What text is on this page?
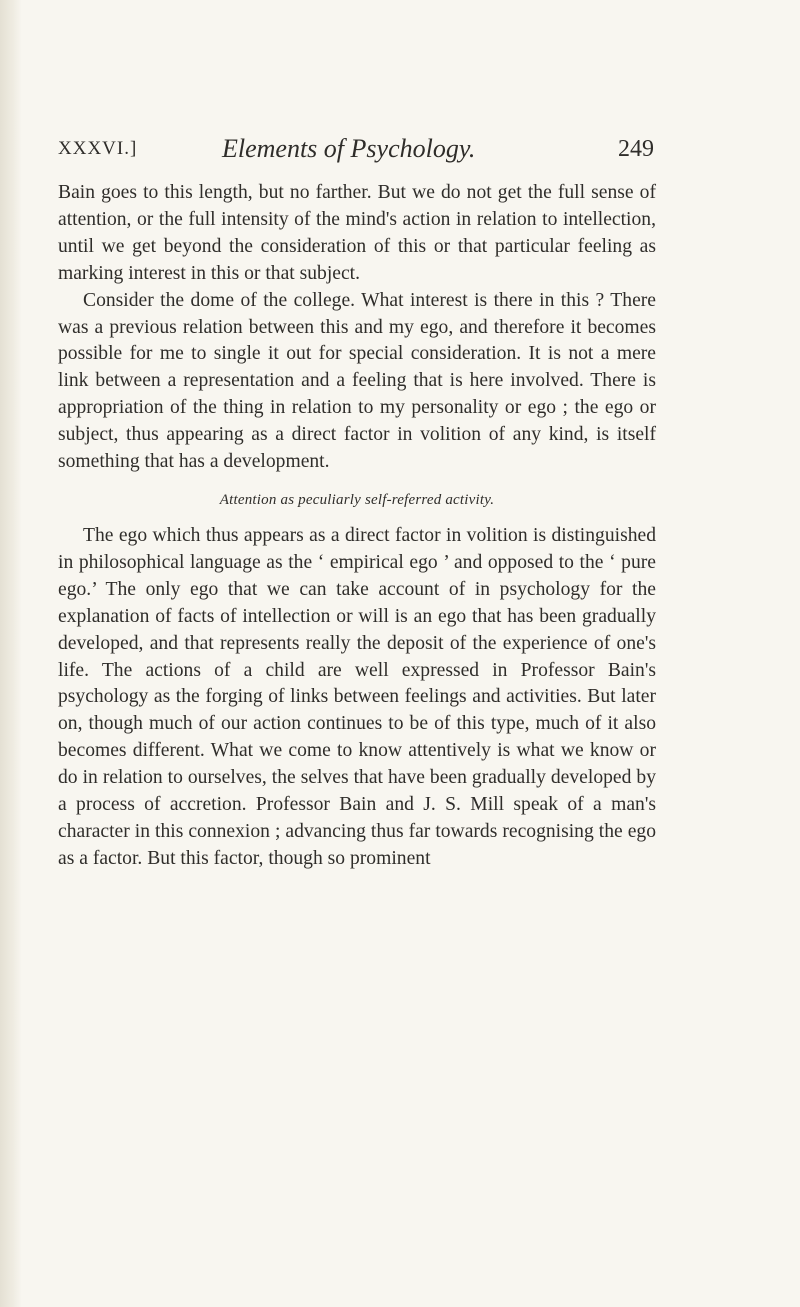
XXXVI.]	Elements of Psychology.	249

Bain goes to this length, but no farther. But we do not get the full sense of attention, or the full intensity of the mind's action in relation to intellection, until we get beyond the consideration of this or that particular feeling as marking interest in this or that subject.

Consider the dome of the college. What interest is there in this ? There was a previous relation between this and my ego, and therefore it becomes possible for me to single it out for special consideration. It is not a mere link between a representation and a feeling that is here involved. There is appropriation of the thing in relation to my personality or ego ; the ego or subject, thus appearing as a direct factor in volition of any kind, is itself something that has a development.

Attention as peculiarly self-referred activity.

The ego which thus appears as a direct factor in volition is distinguished in philosophical language as the ‘ empirical ego ’ and opposed to the ‘ pure ego.’ The only ego that we can take account of in psychology for the explanation of facts of intellection or will is an ego that has been gradually developed, and that represents really the deposit of the experience of one's life. The actions of a child are well expressed in Professor Bain's psychology as the forging of links between feelings and activities. But later on, though much of our action continues to be of this type, much of it also becomes different. What we come to know attentively is what we know or do in relation to ourselves, the selves that have been gradually developed by a process of accretion. Professor Bain and J. S. Mill speak of a man's character in this connexion ; advancing thus far towards recognising the ego as a factor. But this factor, though so prominent
